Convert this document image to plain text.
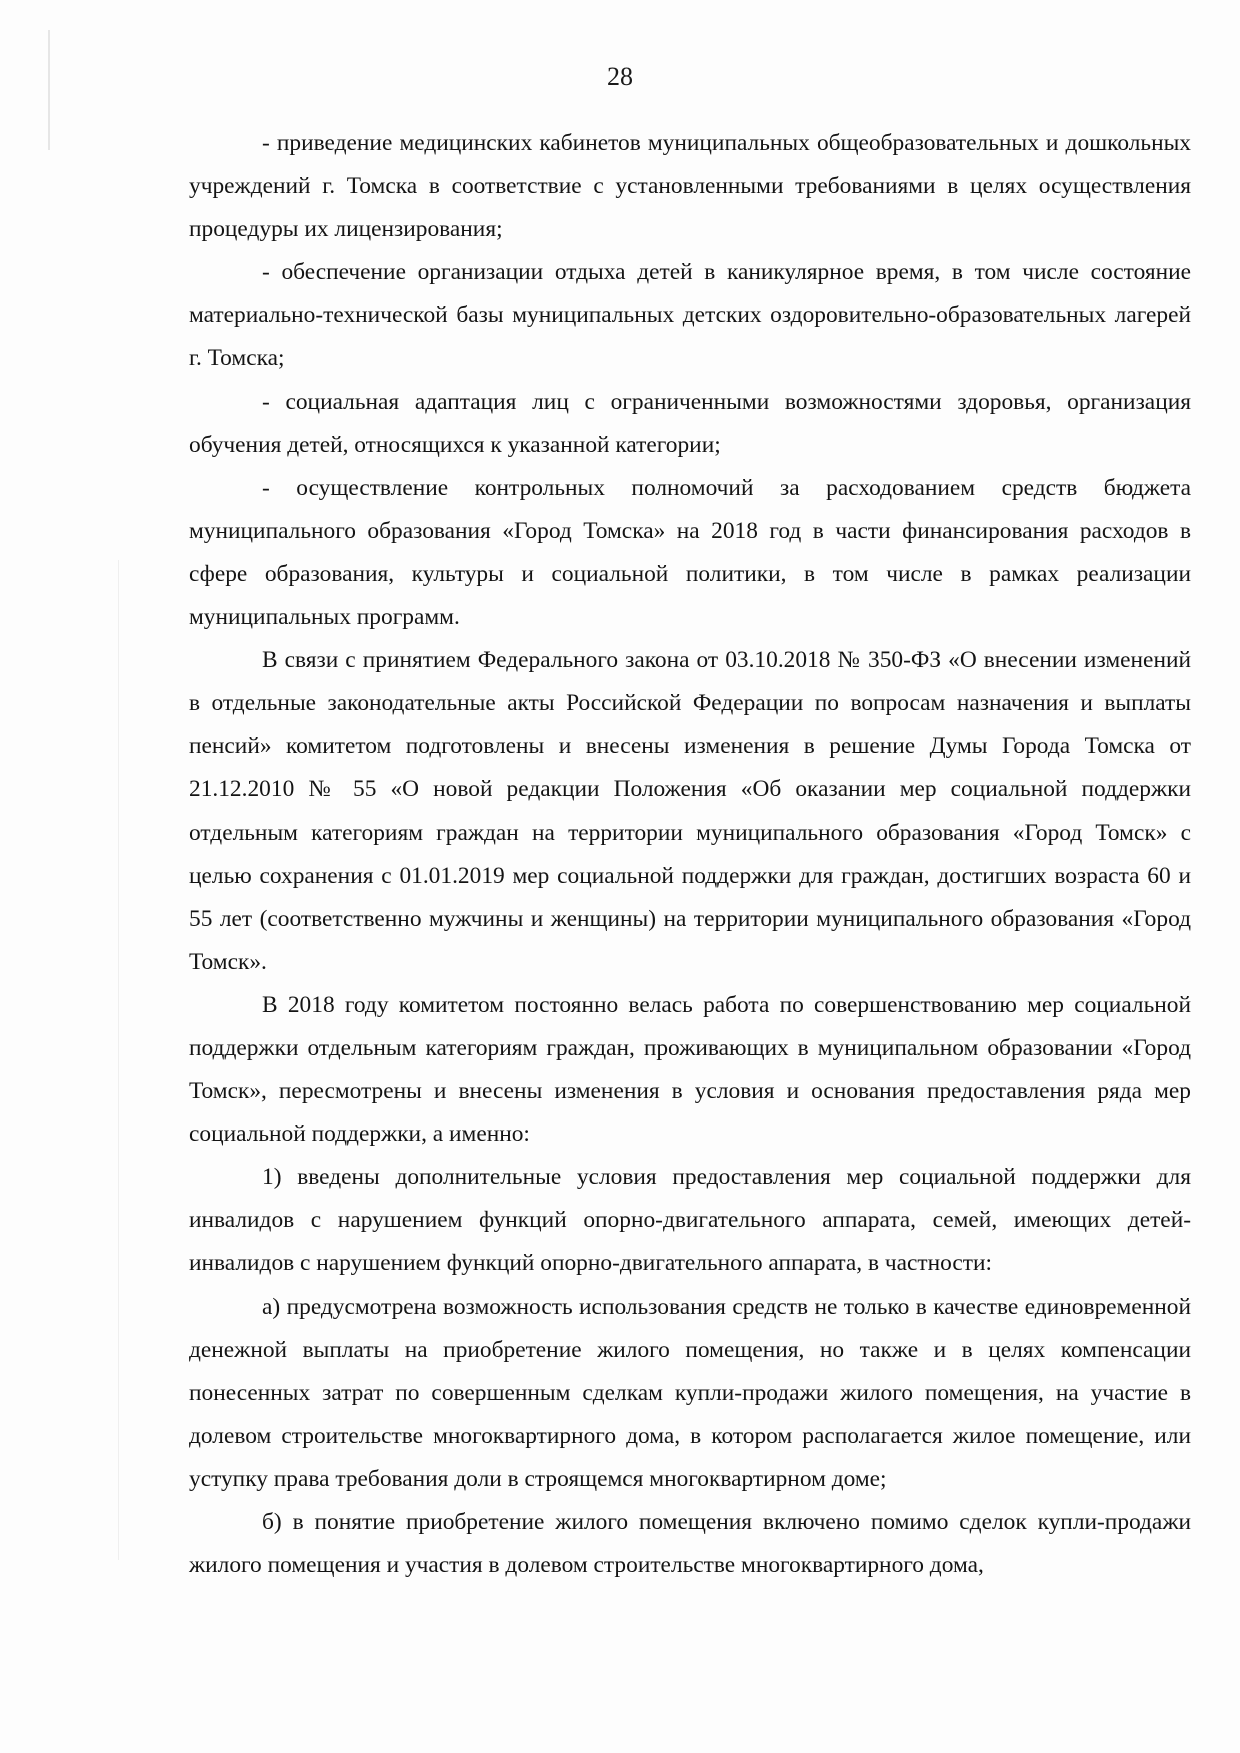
28

- приведение медицинских кабинетов муниципальных общеобразовательных и дошкольных учреждений г. Томска в соответствие с установленными требованиями в целях осуществления процедуры их лицензирования;

- обеспечение организации отдыха детей в каникулярное время, в том числе состояние материально-технической базы муниципальных детских оздоровительно-образовательных лагерей г. Томска;

- социальная адаптация лиц с ограниченными возможностями здоровья, организация обучения детей, относящихся к указанной категории;

- осуществление контрольных полномочий за расходованием средств бюджета муниципального образования «Город Томска» на 2018 год в части финансирования расходов в сфере образования, культуры и социальной политики, в том числе в рамках реализации муниципальных программ.

В связи с принятием Федерального закона от 03.10.2018 № 350-ФЗ «О внесении изменений в отдельные законодательные акты Российской Федерации по вопросам назначения и выплаты пенсий» комитетом подготовлены и внесены изменения в решение Думы Города Томска от 21.12.2010 № 55 «О новой редакции Положения «Об оказании мер социальной поддержки отдельным категориям граждан на территории муниципального образования «Город Томск» с целью сохранения с 01.01.2019 мер социальной поддержки для граждан, достигших возраста 60 и 55 лет (соответственно мужчины и женщины) на территории муниципального образования «Город Томск».

В 2018 году комитетом постоянно велась работа по совершенствованию мер социальной поддержки отдельным категориям граждан, проживающих в муниципальном образовании «Город Томск», пересмотрены и внесены изменения в условия и основания предоставления ряда мер социальной поддержки, а именно:

1) введены дополнительные условия предоставления мер социальной поддержки для инвалидов с нарушением функций опорно-двигательного аппарата, семей, имеющих детей-инвалидов с нарушением функций опорно-двигательного аппарата, в частности:

а) предусмотрена возможность использования средств не только в качестве единовременной денежной выплаты на приобретение жилого помещения, но также и в целях компенсации понесенных затрат по совершенным сделкам купли-продажи жилого помещения, на участие в долевом строительстве многоквартирного дома, в котором располагается жилое помещение, или уступку права требования доли в строящемся многоквартирном доме;

б) в понятие приобретение жилого помещения включено помимо сделок купли-продажи жилого помещения и участия в долевом строительстве многоквартирного дома,
